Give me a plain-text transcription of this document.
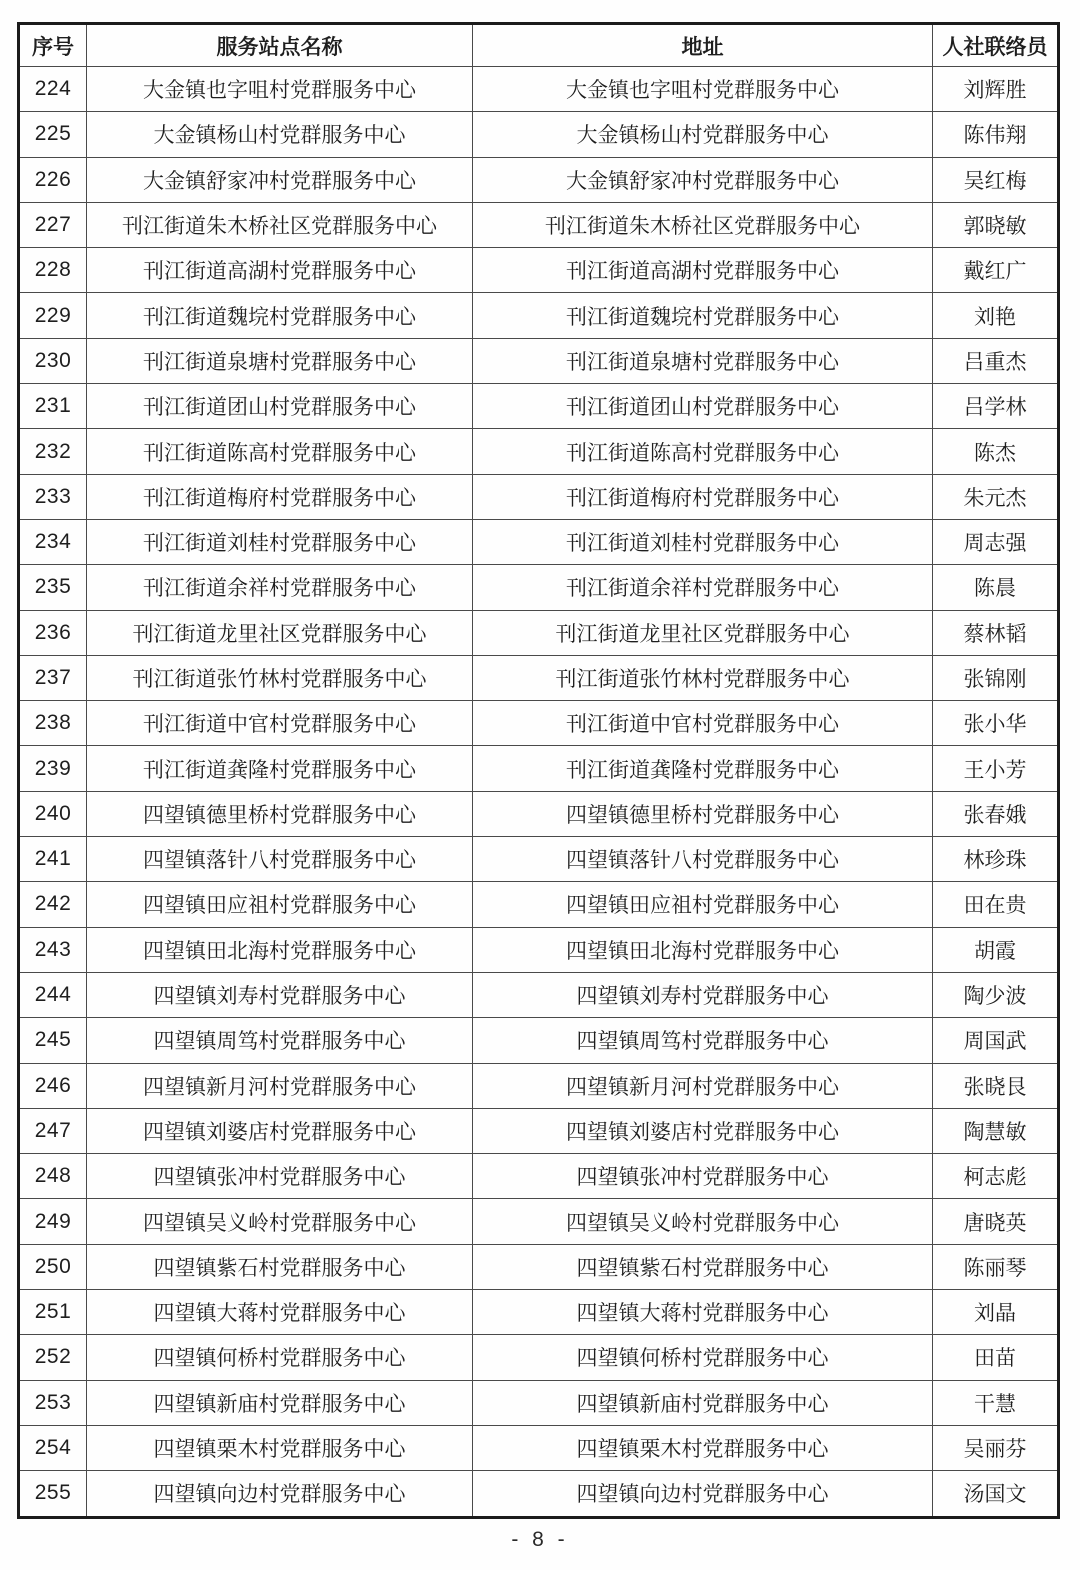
序号	服务站点名称	地址	人社联络员
224	大金镇也字咀村党群服务中心	大金镇也字咀村党群服务中心	刘辉胜
225	大金镇杨山村党群服务中心	大金镇杨山村党群服务中心	陈伟翔
226	大金镇舒家冲村党群服务中心	大金镇舒家冲村党群服务中心	吴红梅
227	刊江街道朱木桥社区党群服务中心	刊江街道朱木桥社区党群服务中心	郭晓敏
228	刊江街道高湖村党群服务中心	刊江街道高湖村党群服务中心	戴红广
229	刊江街道魏垸村党群服务中心	刊江街道魏垸村党群服务中心	刘艳
230	刊江街道泉塘村党群服务中心	刊江街道泉塘村党群服务中心	吕重杰
231	刊江街道团山村党群服务中心	刊江街道团山村党群服务中心	吕学林
232	刊江街道陈高村党群服务中心	刊江街道陈高村党群服务中心	陈杰
233	刊江街道梅府村党群服务中心	刊江街道梅府村党群服务中心	朱元杰
234	刊江街道刘桂村党群服务中心	刊江街道刘桂村党群服务中心	周志强
235	刊江街道余祥村党群服务中心	刊江街道余祥村党群服务中心	陈晨
236	刊江街道龙里社区党群服务中心	刊江街道龙里社区党群服务中心	蔡林韬
237	刊江街道张竹林村党群服务中心	刊江街道张竹林村党群服务中心	张锦刚
238	刊江街道中官村党群服务中心	刊江街道中官村党群服务中心	张小华
239	刊江街道龚隆村党群服务中心	刊江街道龚隆村党群服务中心	王小芳
240	四望镇德里桥村党群服务中心	四望镇德里桥村党群服务中心	张春娥
241	四望镇落针八村党群服务中心	四望镇落针八村党群服务中心	林珍珠
242	四望镇田应祖村党群服务中心	四望镇田应祖村党群服务中心	田在贵
243	四望镇田北海村党群服务中心	四望镇田北海村党群服务中心	胡霞
244	四望镇刘寿村党群服务中心	四望镇刘寿村党群服务中心	陶少波
245	四望镇周笃村党群服务中心	四望镇周笃村党群服务中心	周国武
246	四望镇新月河村党群服务中心	四望镇新月河村党群服务中心	张晓艮
247	四望镇刘婆店村党群服务中心	四望镇刘婆店村党群服务中心	陶慧敏
248	四望镇张冲村党群服务中心	四望镇张冲村党群服务中心	柯志彪
249	四望镇吴义岭村党群服务中心	四望镇吴义岭村党群服务中心	唐晓英
250	四望镇紫石村党群服务中心	四望镇紫石村党群服务中心	陈丽琴
251	四望镇大蒋村党群服务中心	四望镇大蒋村党群服务中心	刘晶
252	四望镇何桥村党群服务中心	四望镇何桥村党群服务中心	田苗
253	四望镇新庙村党群服务中心	四望镇新庙村党群服务中心	干慧
254	四望镇栗木村党群服务中心	四望镇栗木村党群服务中心	吴丽芬
255	四望镇向边村党群服务中心	四望镇向边村党群服务中心	汤国文
- 8 -
